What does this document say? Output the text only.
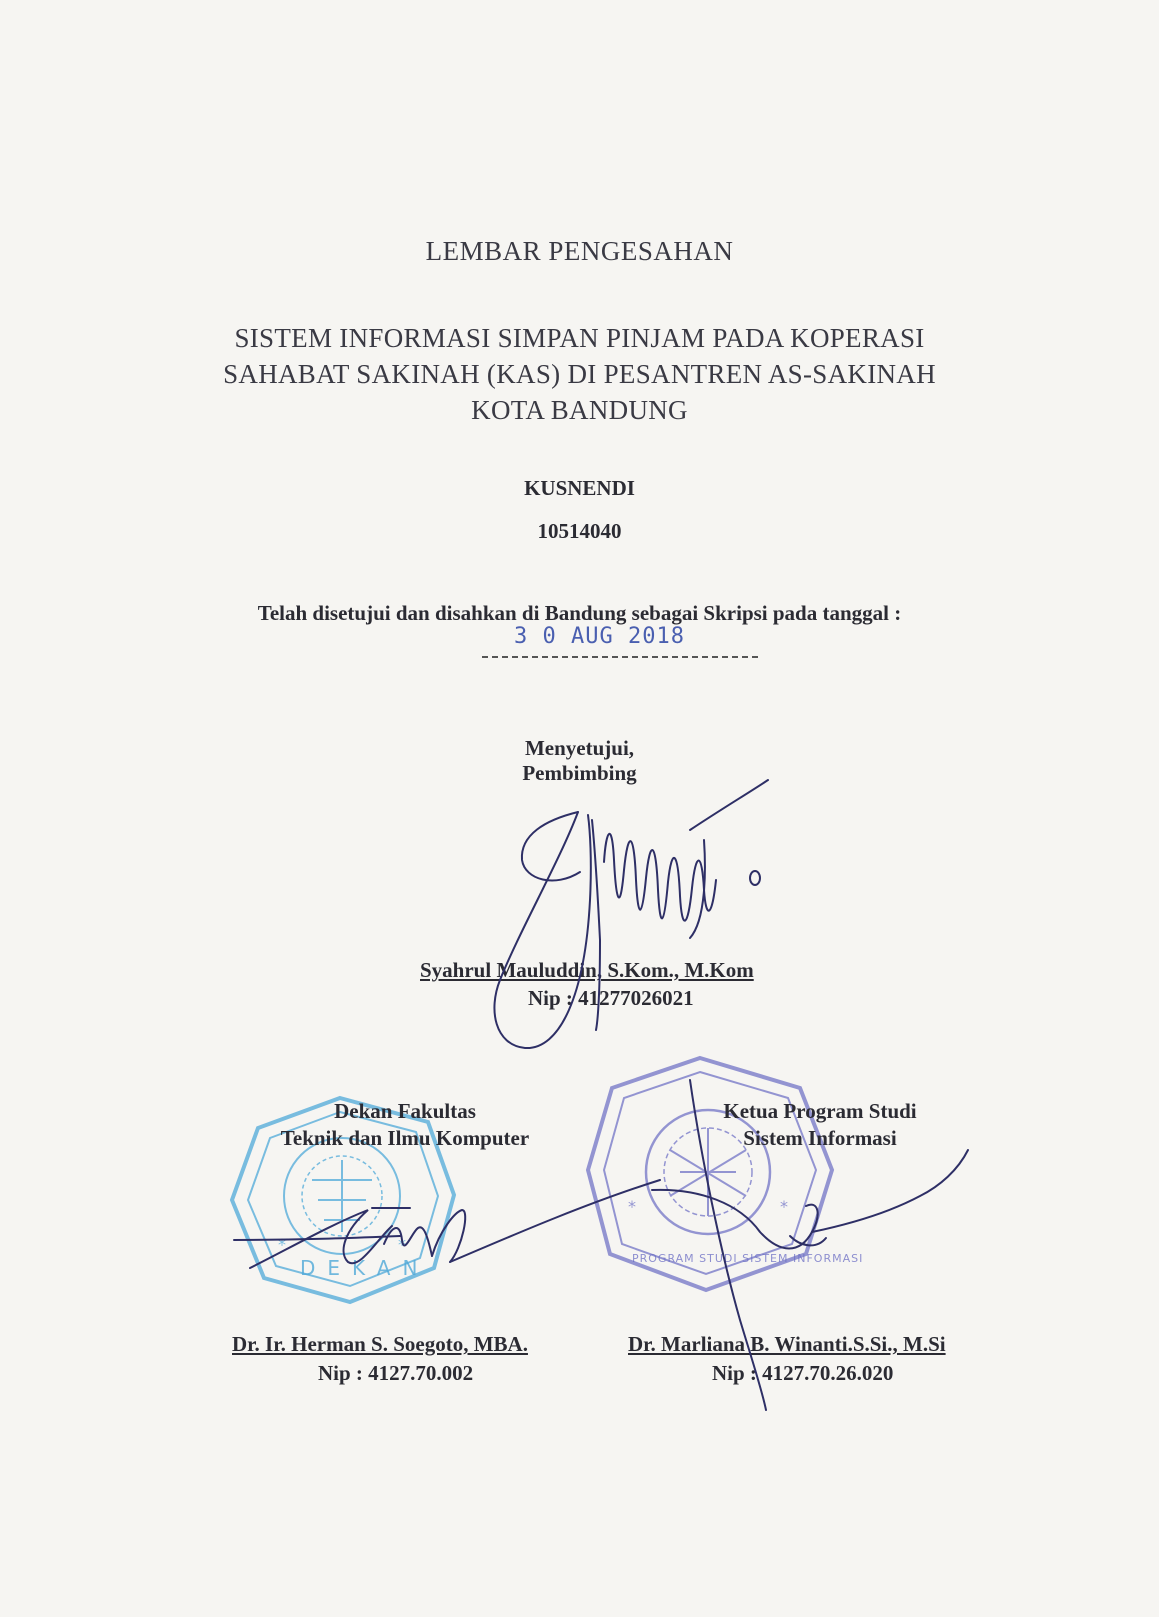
LEMBAR PENGESAHAN
SISTEM INFORMASI SIMPAN PINJAM PADA KOPERASI
SAHABAT SAKINAH (KAS) DI PESANTREN AS-SAKINAH
KOTA BANDUNG
KUSNENDI
10514040
Telah disetujui dan disahkan di Bandung sebagai Skripsi pada tanggal :
3 0 AUG 2018
Menyetujui,
Pembimbing
*	*
*	*
DEKAN	PROGRAM STUDI SISTEM INFORMASI
Syahrul Mauluddin, S.Kom., M.Kom
Nip : 41277026021
Dekan Fakultas
Teknik dan Ilmu Komputer
Dr. Ir. Herman S. Soegoto, MBA.
Nip : 4127.70.002
Ketua Program Studi
Sistem Informasi
Dr. Marliana B. Winanti.S.Si., M.Si
Nip : 4127.70.26.020
